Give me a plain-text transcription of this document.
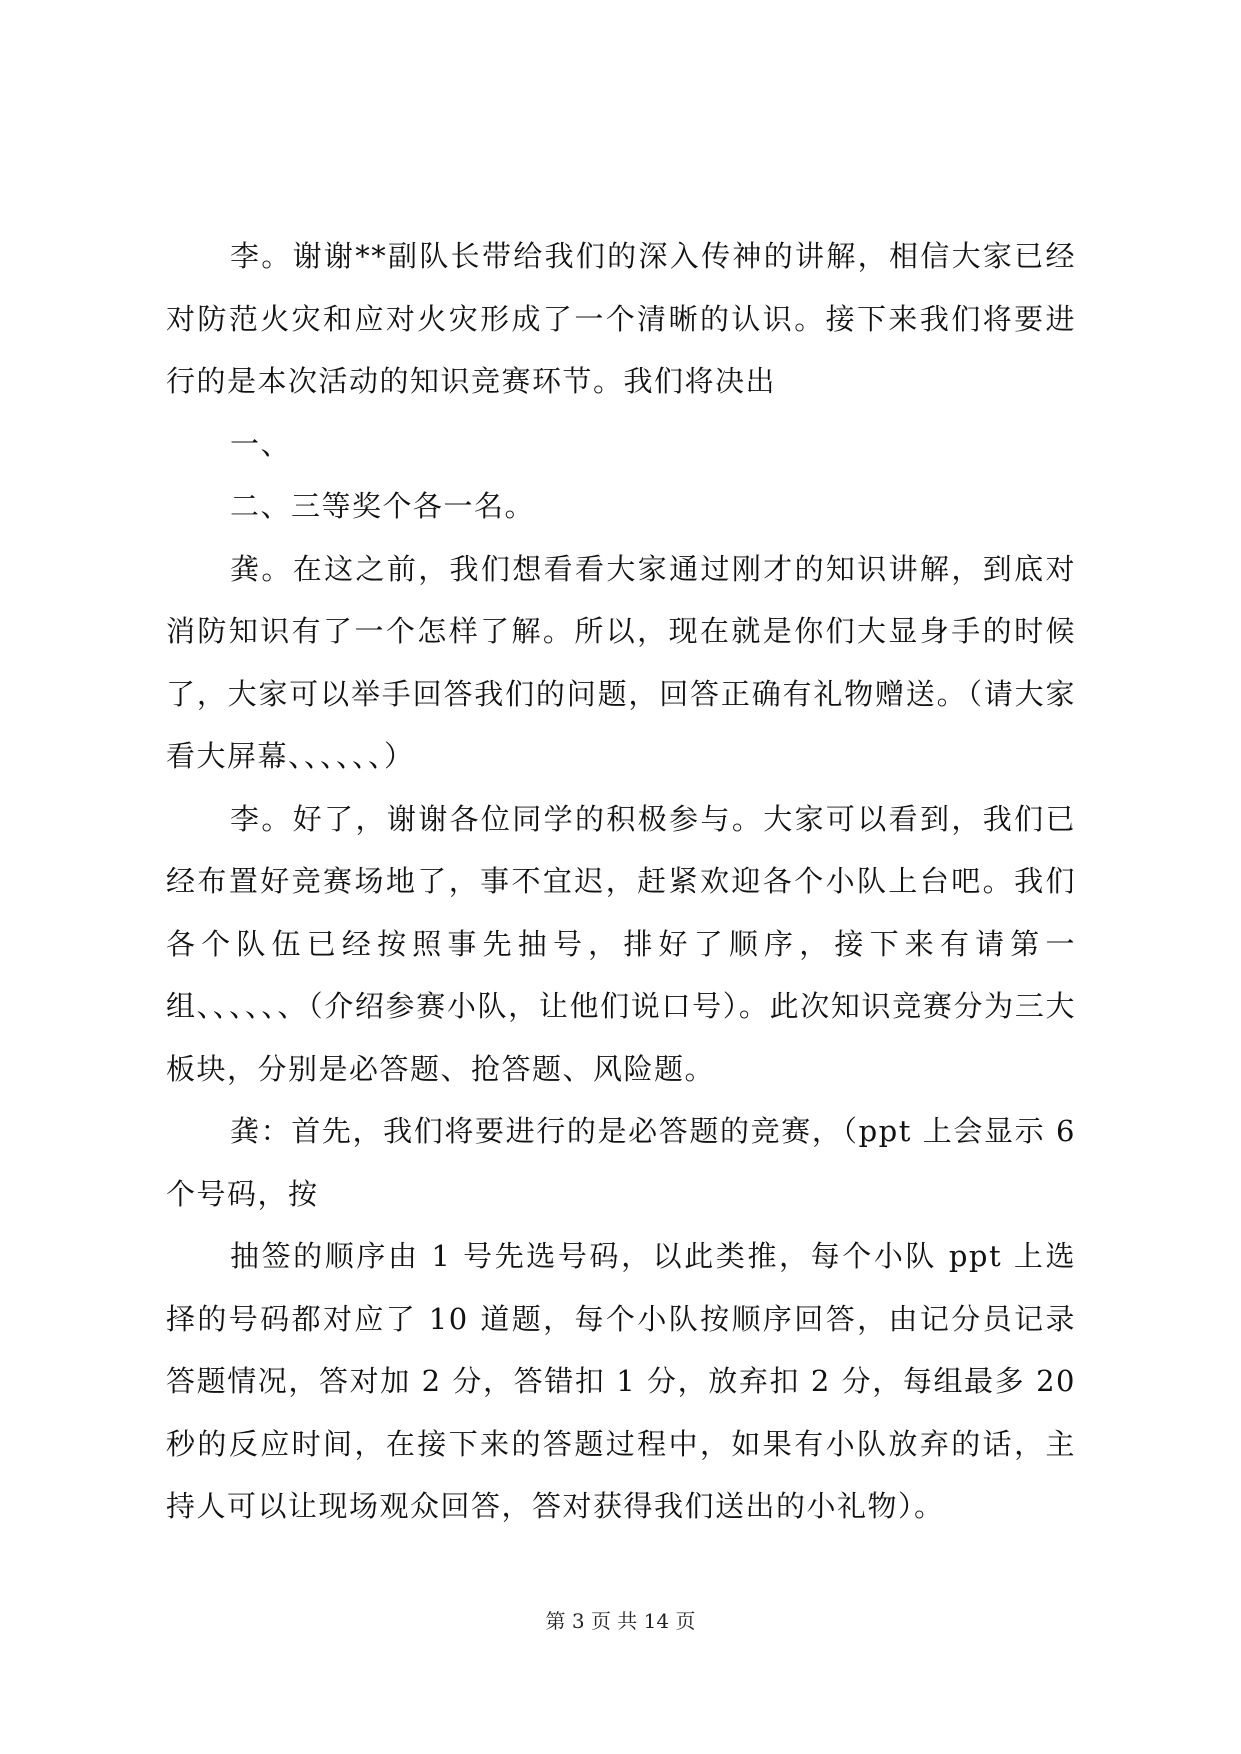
李。谢谢**副队长带给我们的深入传神的讲解，相信大家已经对防范火灾和应对火灾形成了一个清晰的认识。接下来我们将要进行的是本次活动的知识竞赛环节。我们将决出

一、

二、三等奖个各一名。

龚。在这之前，我们想看看大家通过刚才的知识讲解，到底对消防知识有了一个怎样了解。所以，现在就是你们大显身手的时候了，大家可以举手回答我们的问题，回答正确有礼物赠送。（请大家看大屏幕、、、、、、）

李。好了，谢谢各位同学的积极参与。大家可以看到，我们已经布置好竞赛场地了，事不宜迟，赶紧欢迎各个小队上台吧。我们各个队伍已经按照事先抽号，排好了顺序，接下来有请第一组、、、、、、（介绍参赛小队，让他们说口号）。此次知识竞赛分为三大板块，分别是必答题、抢答题、风险题。

龚：首先，我们将要进行的是必答题的竞赛，（ppt 上会显示 6 个号码，按

抽签的顺序由 1 号先选号码，以此类推，每个小队 ppt 上选择的号码都对应了 10 道题，每个小队按顺序回答，由记分员记录答题情况，答对加 2 分，答错扣 1 分，放弃扣 2 分，每组最多 20 秒的反应时间，在接下来的答题过程中，如果有小队放弃的话，主持人可以让现场观众回答，答对获得我们送出的小礼物）。

第 3 页 共 14 页
